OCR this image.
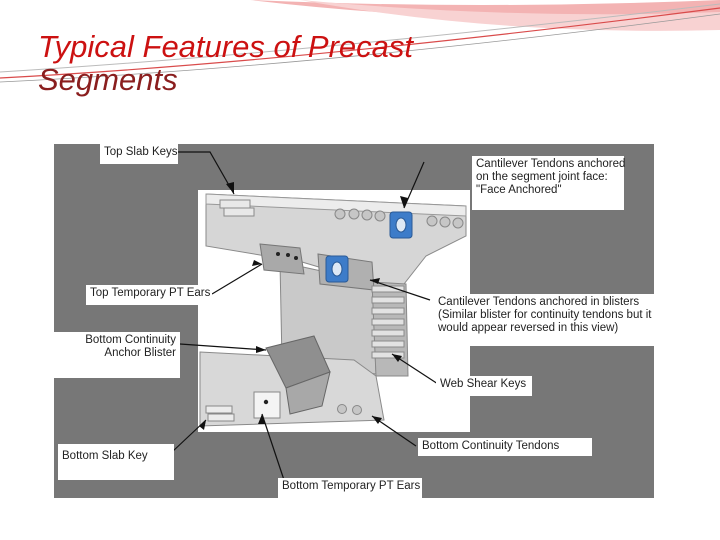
Typical Features of Precast
Segments
Top Slab Keys
Cantilever Tendons anchored
on the segment joint face:
"Face Anchored"
Top Temporary PT Ears
Cantilever Tendons anchored in blisters
(Similar blister for continuity tendons but it
would appear reversed in this view)
Bottom Continuity
Anchor Blister
Web Shear Keys
Bottom Continuity Tendons
Bottom Slab Key
Bottom Temporary PT Ears
